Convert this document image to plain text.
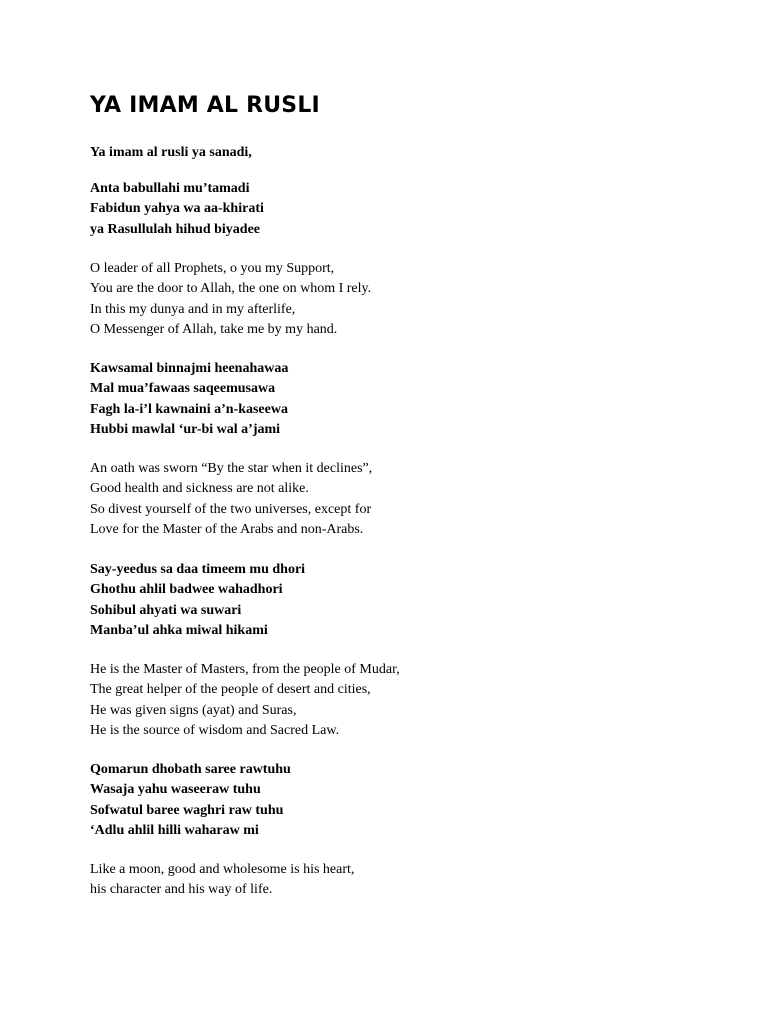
YA IMAM AL RUSLI
Ya imam al rusli ya sanadi,
Anta babullahi mu’tamadi
Fabidun yahya wa aa-khirati
ya Rasullulah hihud biyadee
O leader of all Prophets, o you my Support,
You are the door to Allah, the one on whom I rely.
In this my dunya and in my afterlife,
O Messenger of Allah, take me by my hand.
Kawsamal binnajmi heenahawaa
Mal mua’fawaas saqeemusawa
Fagh la-i’l kawnaini a’n-kaseewa
Hubbi mawlal ‘ur-bi wal a’jami
An oath was sworn “By the star when it declines”,
Good health and sickness are not alike.
So divest yourself of the two universes, except for
Love for the Master of the Arabs and non-Arabs.
Say-yeedus sa daa timeem mu dhori
Ghothu ahlil badwee wahadhori
Sohibul ahyati wa suwari
Manba’ul ahka miwal hikami
He is the Master of Masters, from the people of Mudar,
The great helper of the people of desert and cities,
He was given signs (ayat) and Suras,
He is the source of wisdom and Sacred Law.
Qomarun dhobath saree rawtuhu
Wasaja yahu waseeraw tuhu
Sofwatul baree waghri raw tuhu
‘Adlu ahlil hilli waharaw mi
Like a moon, good and wholesome is his heart,
his character and his way of life.
